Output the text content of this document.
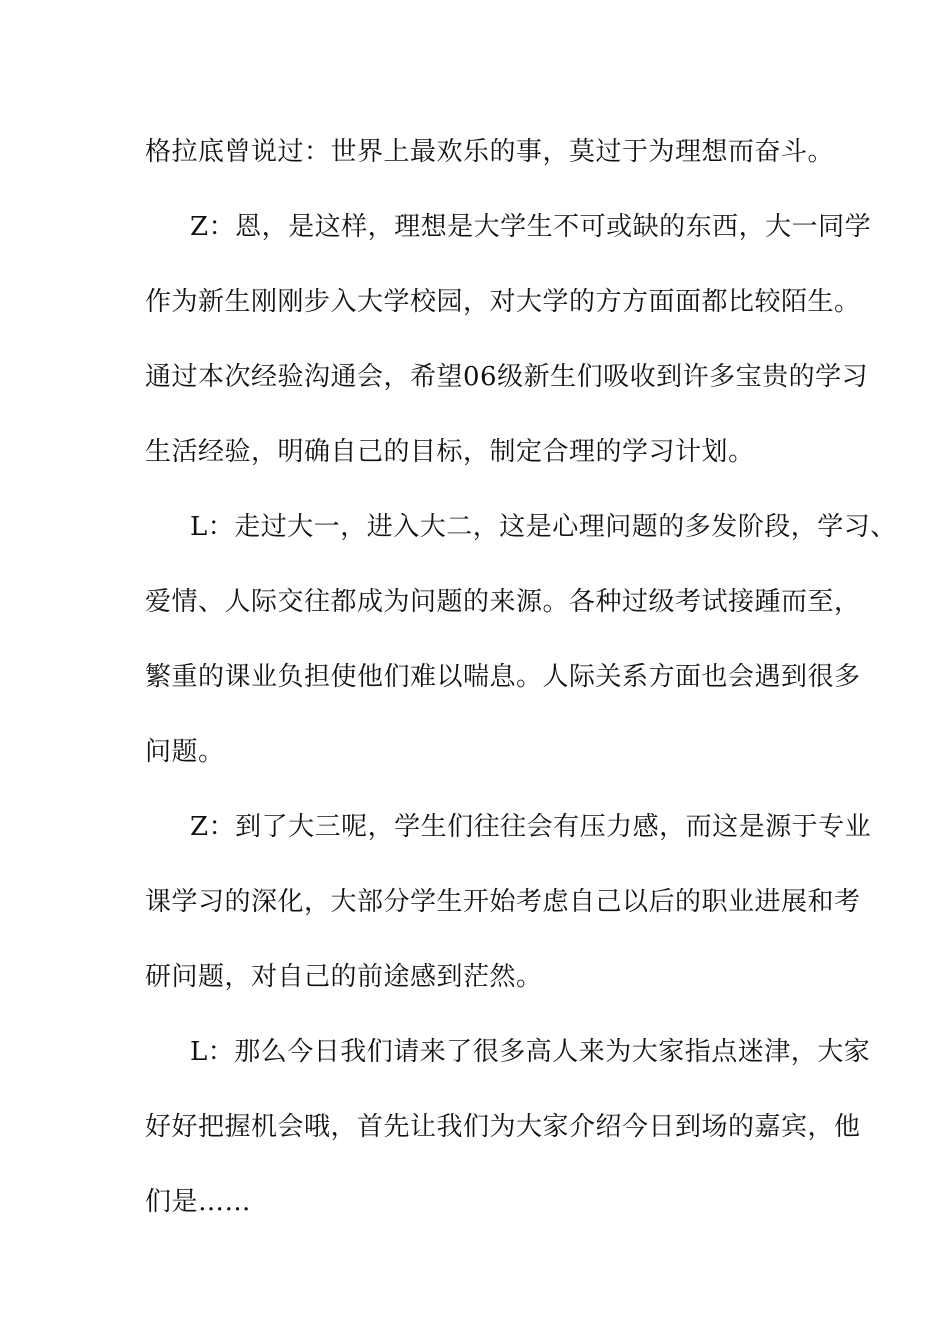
格拉底曾说过：世界上最欢乐的事，莫过于为理想而奋斗。
Z：恩，是这样，理想是大学生不可或缺的东西，大一同学
作为新生刚刚步入大学校园，对大学的方方面面都比较陌生。
通过本次经验沟通会，希望06级新生们吸收到许多宝贵的学习
生活经验，明确自己的目标，制定合理的学习计划。
L：走过大一，进入大二，这是心理问题的多发阶段，学习、
爱情、人际交往都成为问题的来源。各种过级考试接踵而至，
繁重的课业负担使他们难以喘息。人际关系方面也会遇到很多
问题。
Z：到了大三呢，学生们往往会有压力感，而这是源于专业
课学习的深化，大部分学生开始考虑自己以后的职业进展和考
研问题，对自己的前途感到茫然。
L：那么今日我们请来了很多高人来为大家指点迷津，大家
好好把握机会哦，首先让我们为大家介绍今日到场的嘉宾，他
们是……
